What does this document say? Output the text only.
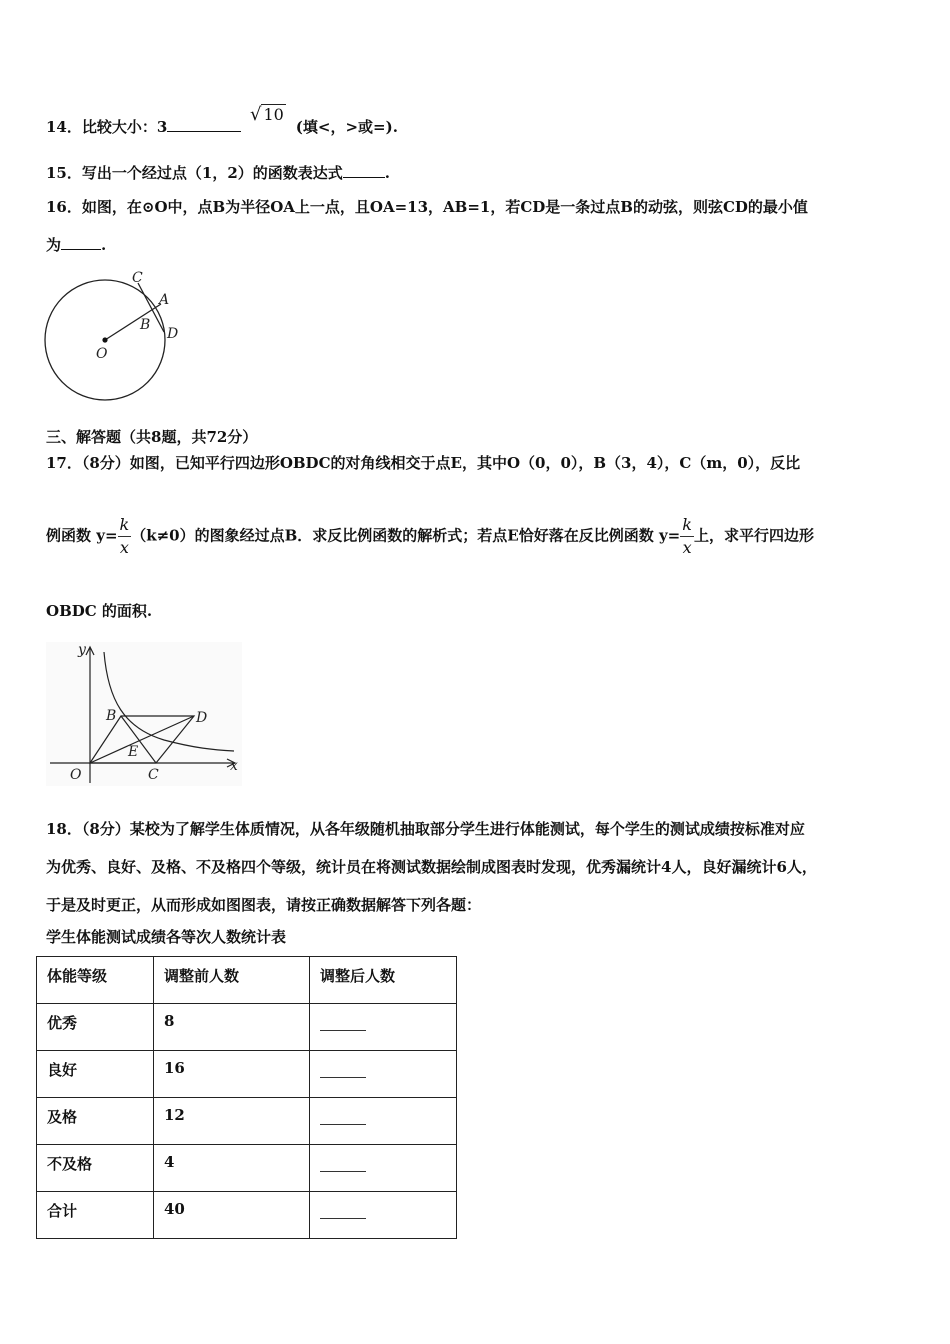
14．比较大小：3	(填<，>或=).
√ 10
15．写出一个经过点（1，2）的函数表达式	.
16．如图，在⊙O中，点B为半径OA上一点，且OA=13，AB=1，若CD是一条过点B的动弦，则弦CD的最小值
为	.
C
A
B
D
O
三、解答题（共8题，共72分）
17．（8分）如图，已知平行四边形OBDC的对角线相交于点E，其中O（0，0），B（3，4），C（m，0），反比
例函数 $y= \frac{k}{x} (k\ne 0)$的图象经过点B．求反比例函数的解析式；若点E恰好落在反比例函数 $y= \frac{k}{x}$ 上，求平行四边形
OBDC 的面积.
y
B	D
E
O	C
x
18．（8分）某校为了解学生体质情况，从各年级随机抽取部分学生进行体能测试，每个学生的测试成绩按标准对应
为优秀、良好、及格、不及格四个等级，统计员在将测试数据绘制成图表时发现，优秀漏统计4人，良好漏统计6人，
于是及时更正，从而形成如图图表，请按正确数据解答下列各题：
学生体能测试成绩各等次人数统计表
体能等级	调整前人数	调整后人数
优秀	8	
良好	16	
及格	12	
不及格	4	
合计	40	
